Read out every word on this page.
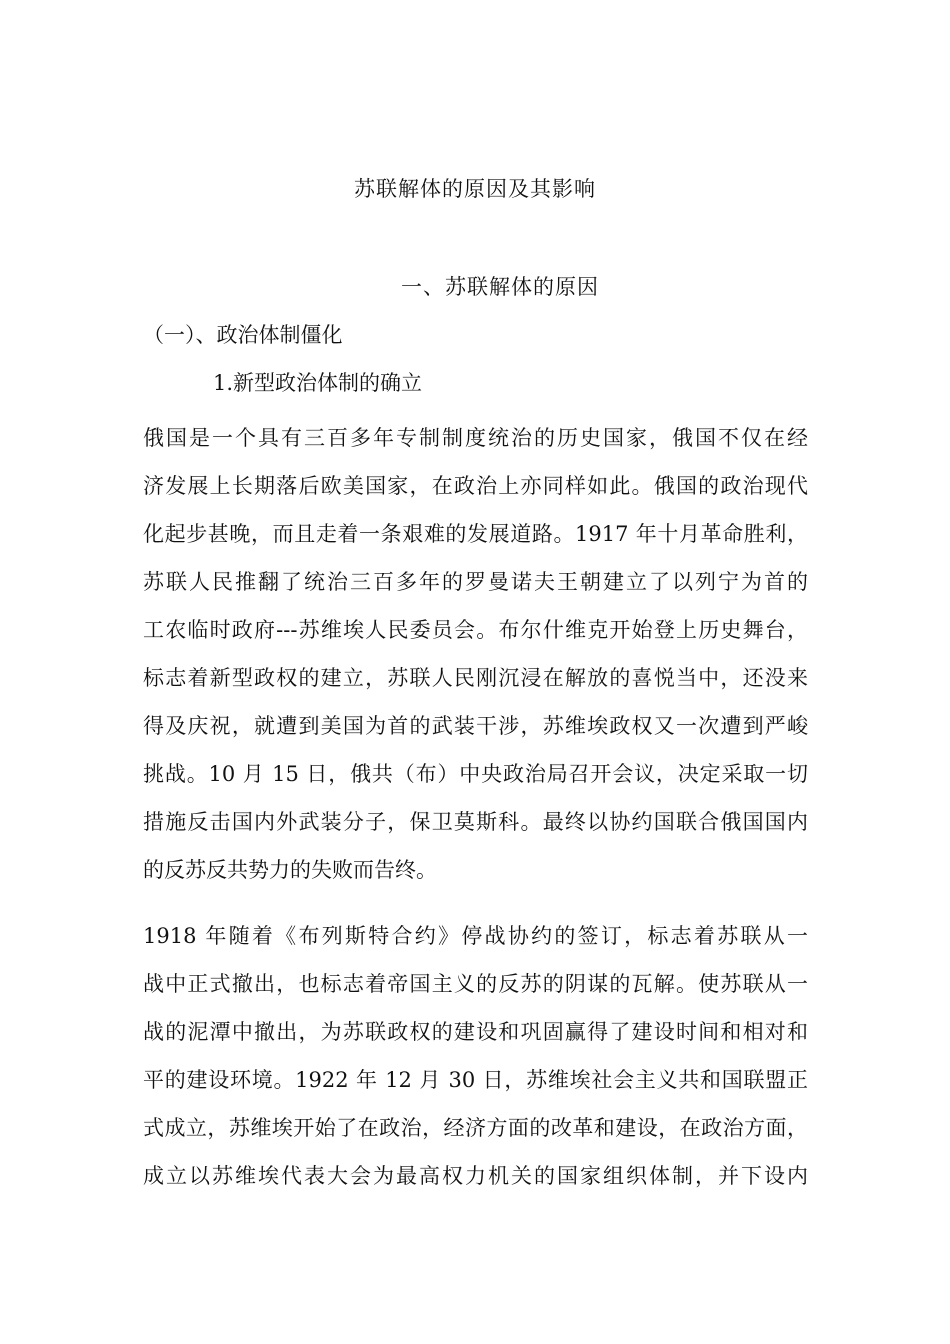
苏联解体的原因及其影响
一、苏联解体的原因
（一）、政治体制僵化
1.新型政治体制的确立
俄国是一个具有三百多年专制制度统治的历史国家，俄国不仅在经
济发展上长期落后欧美国家，在政治上亦同样如此。俄国的政治现代
化起步甚晚，而且走着一条艰难的发展道路。1917 年十月革命胜利，
苏联人民推翻了统治三百多年的罗曼诺夫王朝建立了以列宁为首的
工农临时政府---苏维埃人民委员会。布尔什维克开始登上历史舞台，
标志着新型政权的建立，苏联人民刚沉浸在解放的喜悦当中，还没来
得及庆祝，就遭到美国为首的武装干涉，苏维埃政权又一次遭到严峻
挑战。10 月 15 日，俄共（布）中央政治局召开会议，决定采取一切
措施反击国内外武装分子，保卫莫斯科。最终以协约国联合俄国国内
的反苏反共势力的失败而告终。
1918 年随着《布列斯特合约》停战协约的签订，标志着苏联从一
战中正式撤出，也标志着帝国主义的反苏的阴谋的瓦解。使苏联从一
战的泥潭中撤出，为苏联政权的建设和巩固赢得了建设时间和相对和
平的建设环境。1922 年 12 月 30 日，苏维埃社会主义共和国联盟正
式成立，苏维埃开始了在政治，经济方面的改革和建设，在政治方面，
成立以苏维埃代表大会为最高权力机关的国家组织体制，并下设内
